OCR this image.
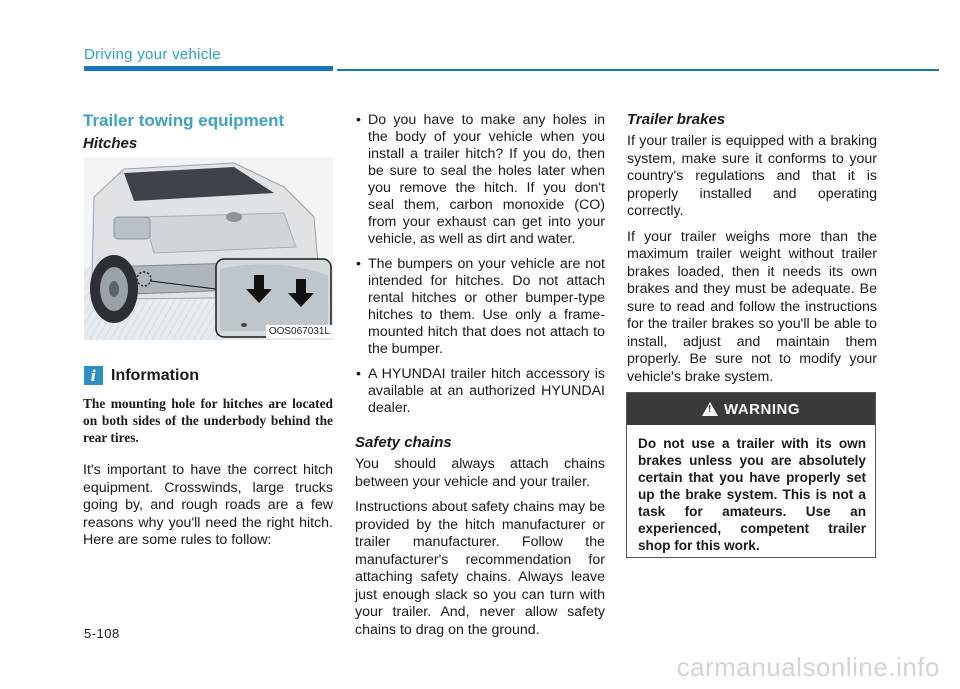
Driving your vehicle
Trailer towing equipment
Hitches
OOS067031L
i Information
The mounting hole for hitches are located on both sides of the underbody behind the rear tires.

It's important to have the correct hitch equipment. Crosswinds, large trucks going by, and rough roads are a few reasons why you'll need the right hitch. Here are some rules to follow:

• Do you have to make any holes in the body of your vehicle when you install a trailer hitch? If you do, then be sure to seal the holes later when you remove the hitch. If you don't seal them, carbon monoxide (CO) from your exhaust can get into your vehicle, as well as dirt and water.
• The bumpers on your vehicle are not intended for hitches. Do not attach rental hitches or other bumper-type hitches to them. Use only a frame-mounted hitch that does not attach to the bumper.
• A HYUNDAI trailer hitch accessory is available at an authorized HYUNDAI dealer.
Safety chains

You should always attach chains between your vehicle and your trailer.

Instructions about safety chains may be provided by the hitch manufacturer or trailer manufacturer. Follow the manufacturer's recommendation for attaching safety chains. Always leave just enough slack so you can turn with your trailer. And, never allow safety chains to drag on the ground.

Trailer brakes

If your trailer is equipped with a braking system, make sure it conforms to your country's regulations and that it is properly installed and operating correctly.

If your trailer weighs more than the maximum trailer weight without trailer brakes loaded, then it needs its own brakes and they must be adequate. Be sure to read and follow the instructions for the trailer brakes so you'll be able to install, adjust and maintain them properly. Be sure not to modify your vehicle's brake system.

! WARNING
Do not use a trailer with its own brakes unless you are absolutely certain that you have properly set up the brake system. This is not a task for amateurs. Use an experienced, competent trailer shop for this work.
5-108
carmanualsonline.info
